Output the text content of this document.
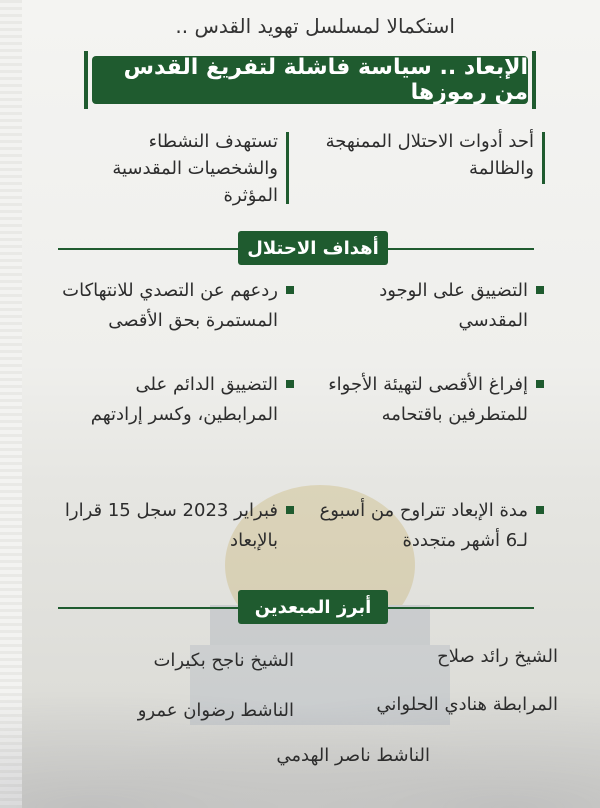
استكمالا لمسلسل تهويد القدس ..
الإبعاد .. سياسة فاشلة لتفريغ القدس من رموزها
أحد أدوات الاحتلال الممنهجة والظالمة
تستهدف النشطاء والشخصيات المقدسية المؤثرة
أهداف الاحتلال
التضييق على الوجود المقدسي
ردعهم عن التصدي للانتهاكات المستمرة بحق الأقصى
إفراغ الأقصى لتهيئة الأجواء للمتطرفين باقتحامه
التضييق الدائم على المرابطين، وكسر إرادتهم
مدة الإبعاد تتراوح من أسبوع لـ6 أشهر متجددة
فبراير 2023 سجل 15 قرارا بالإبعاد
أبرز المبعدين
الشيخ رائد صلاح
الشيخ ناجح بكيرات
المرابطة هنادي الحلواني
الناشط رضوان عمرو
الناشط ناصر الهدمي
